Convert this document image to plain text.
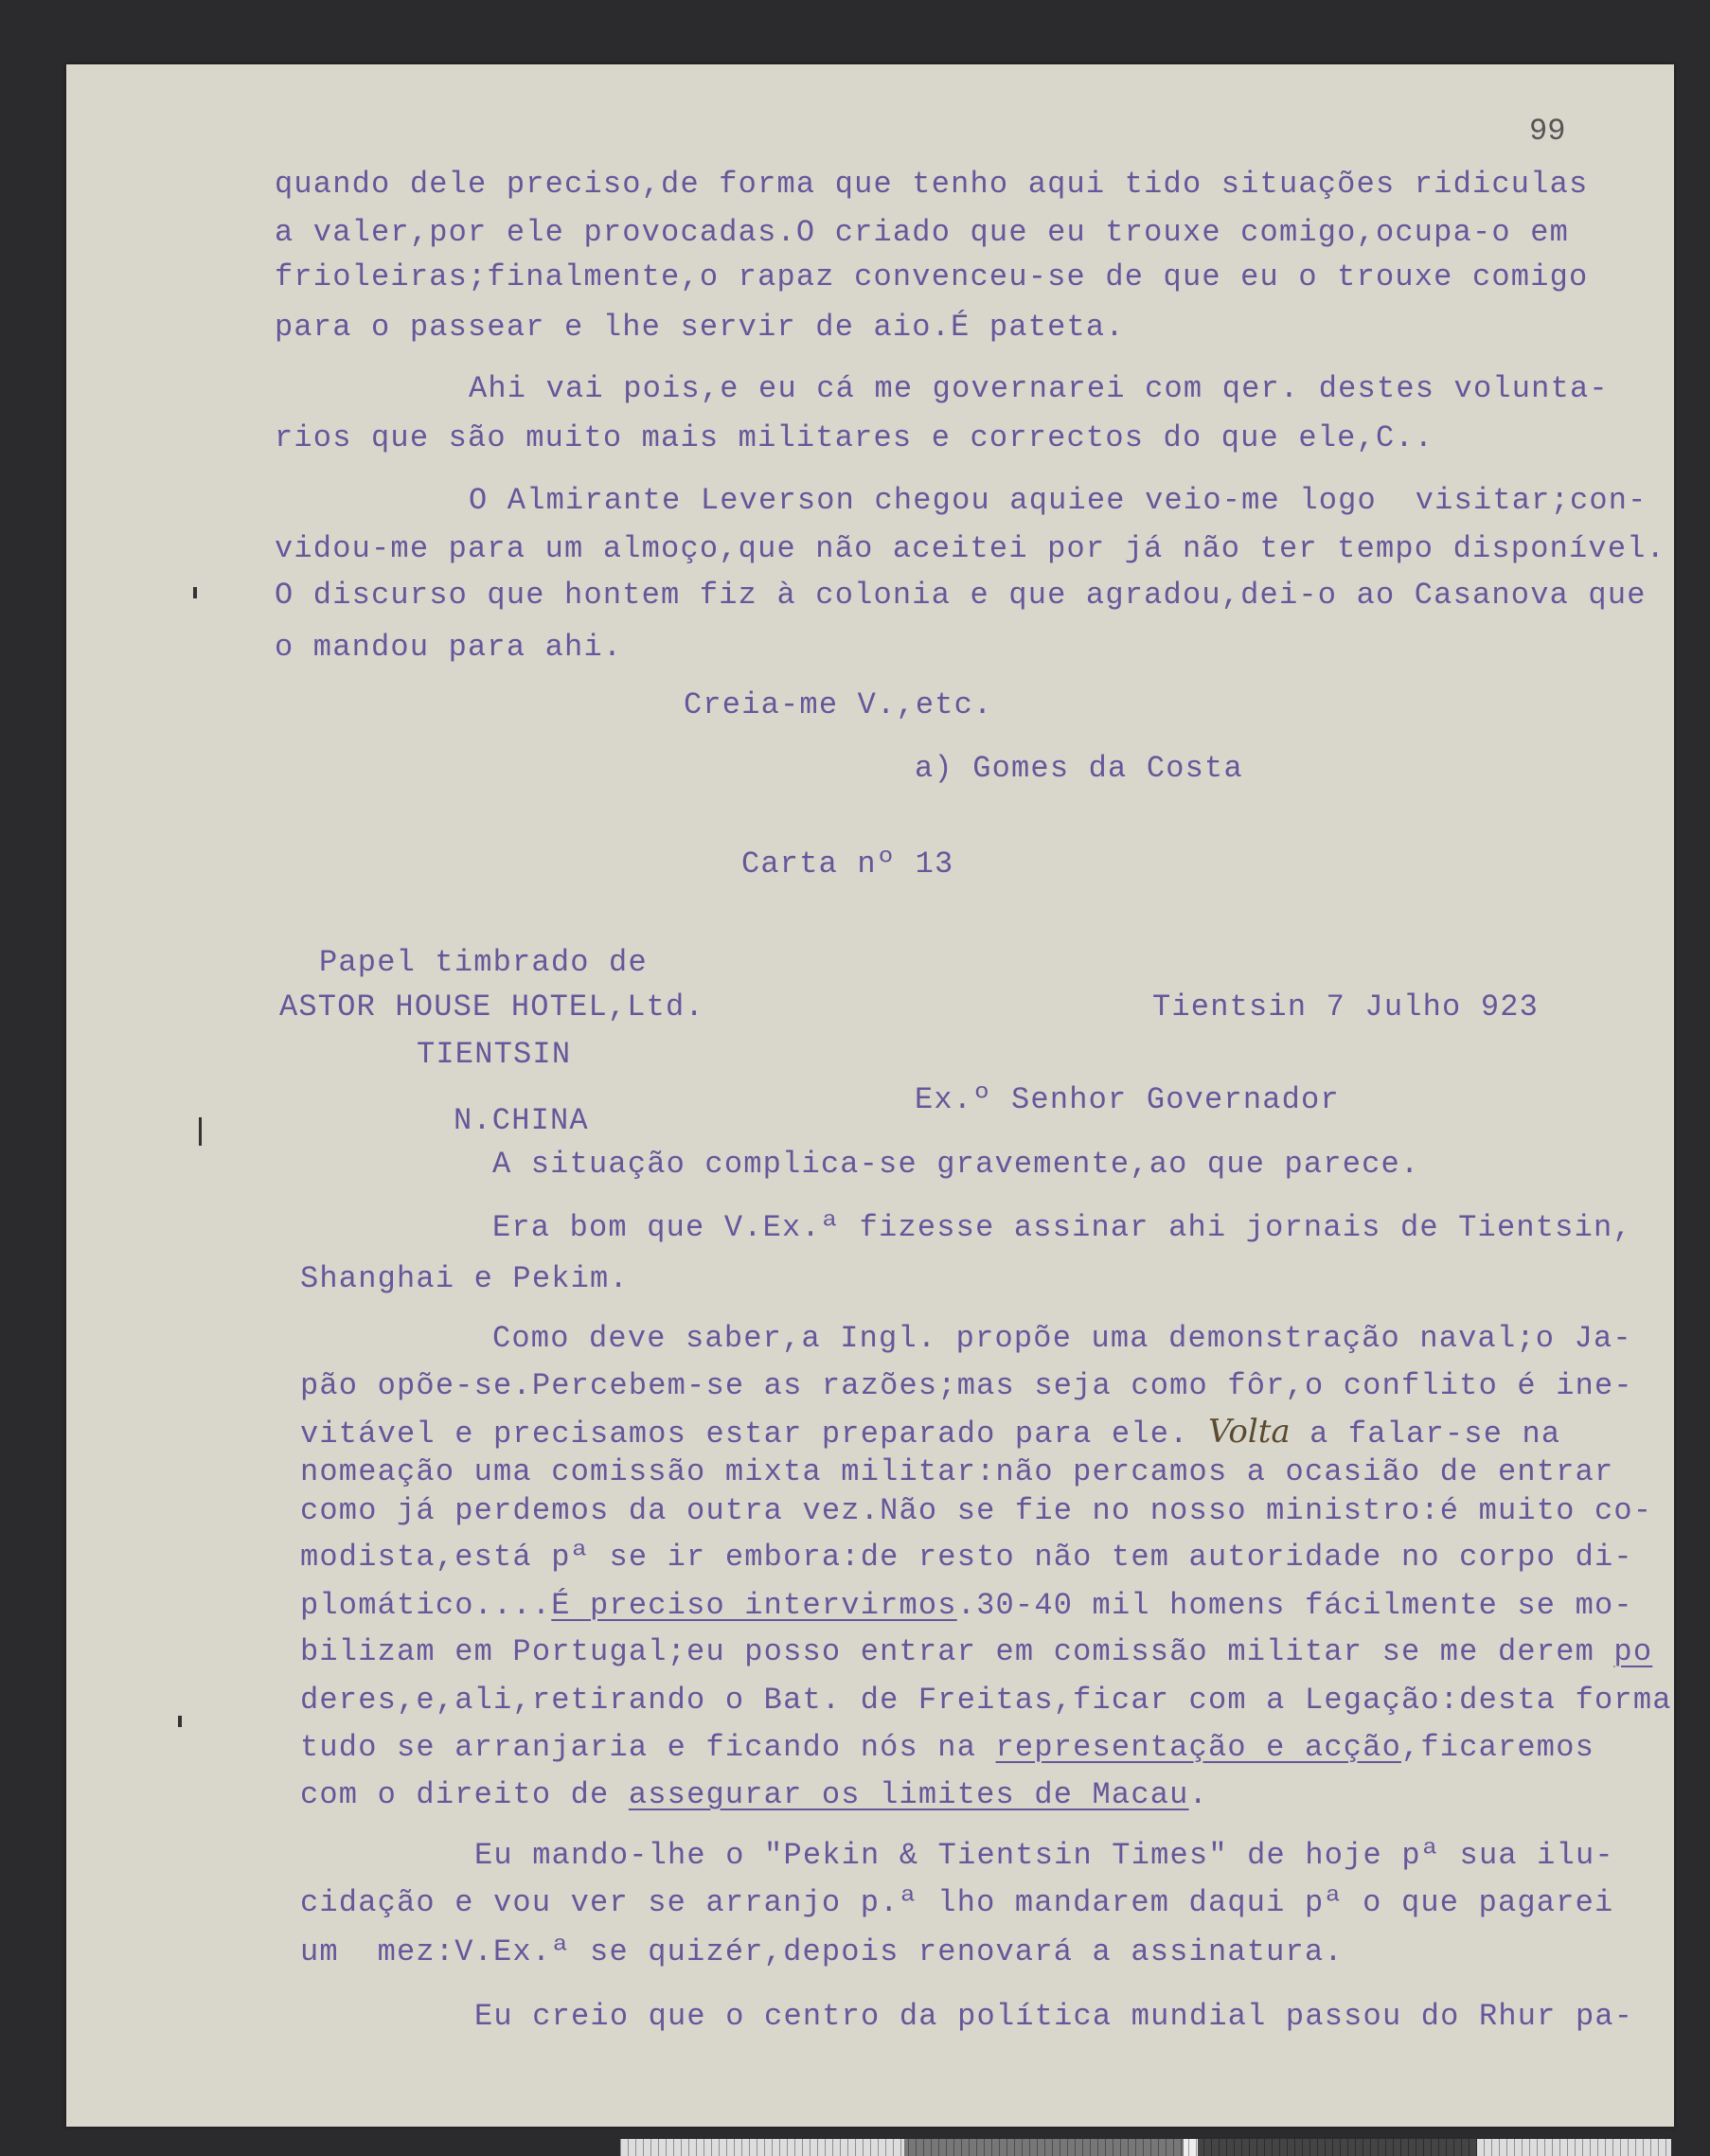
99
quando dele preciso,de forma que tenho aqui tido situações ridiculas
a valer,por ele provocadas.O criado que eu trouxe comigo,ocupa-o em
frioleiras;finalmente,o rapaz convenceu-se de que eu o trouxe comigo
para o passear e lhe servir de aio.É pateta.
Ahi vai pois,e eu cá me governarei com qer. destes volunta-
rios que são muito mais militares e correctos do que ele,C..
O Almirante Leverson chegou aquiee veio-me logo  visitar;con-
vidou-me para um almoço,que não aceitei por já não ter tempo disponível.
O discurso que hontem fiz à colonia e que agradou,dei-o ao Casanova que
o mandou para ahi.
Creia-me V.,etc.
a) Gomes da Costa
Carta nº 13
Papel timbrado de
ASTOR HOUSE HOTEL,Ltd.	Tientsin 7 Julho 923
TIENTSIN
Ex.º Senhor Governador
N.CHINA
A situação complica-se gravemente,ao que parece.
Era bom que V.Ex.ª fizesse assinar ahi jornais de Tientsin,
Shanghai e Pekim.
Como deve saber,a Ingl. propõe uma demonstração naval;o Ja-
pão opõe-se.Percebem-se as razões;mas seja como fôr,o conflito é ine-
vitável e precisamos estar preparado para ele. Volta a falar-se na
nomeação uma comissão mixta militar:não percamos a ocasião de entrar
como já perdemos da outra vez.Não se fie no nosso ministro:é muito co-
modista,está pª se ir embora:de resto não tem autoridade no corpo di-
plomático....É preciso intervirmos.30-40 mil homens fácilmente se mo-
bilizam em Portugal;eu posso entrar em comissão militar se me derem po
deres,e,ali,retirando o Bat. de Freitas,ficar com a Legação:desta forma
tudo se arranjaria e ficando nós na representação e acção,ficaremos
com o direito de assegurar os limites de Macau.
Eu mando-lhe o "Pekin & Tientsin Times" de hoje pª sua ilu-
cidação e vou ver se arranjo p.ª lho mandarem daqui pª o que pagarei
um  mez:V.Ex.ª se quizér,depois renovará a assinatura.
Eu creio que o centro da política mundial passou do Rhur pa-
